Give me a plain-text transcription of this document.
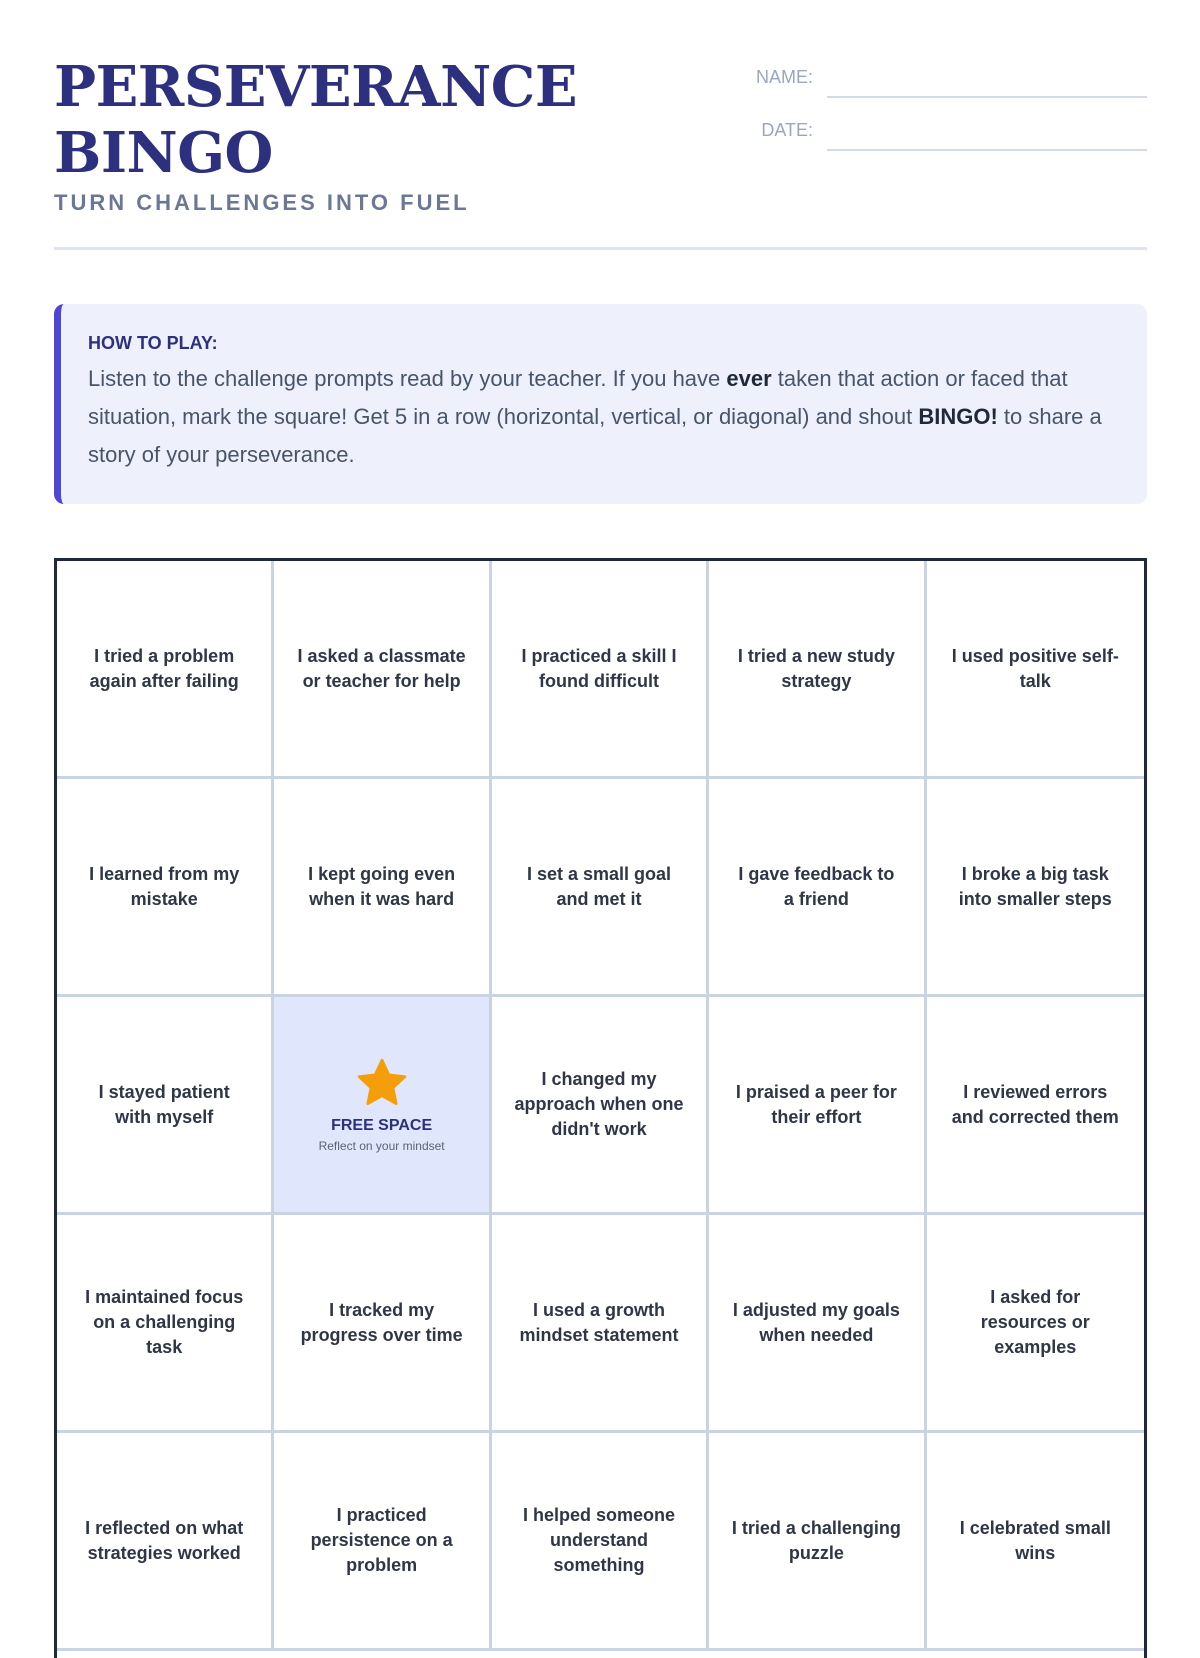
PERSEVERANCE BINGO

TURN CHALLENGES INTO FUEL

NAME:
DATE:

HOW TO PLAY:

Listen to the challenge prompts read by your teacher. If you have ever taken that action or faced that situation, mark the square! Get 5 in a row (horizontal, vertical, or diagonal) and shout BINGO! to share a story of your perseverance.

I tried a problem again after failing
I asked a classmate or teacher for help
I practiced a skill I found difficult
I tried a new study strategy
I used positive self-talk
I learned from my mistake
I kept going even when it was hard
I set a small goal and met it
I gave feedback to a friend
I broke a big task into smaller steps
I stayed patient with myself	FREE SPACE
Reflect on your mindset
I changed my approach when one didn't work
I praised a peer for their effort
I reviewed errors and corrected them
I maintained focus on a challenging task
I tracked my progress over time
I used a growth mindset statement
I adjusted my goals when needed
I asked for resources or examples
I reflected on what strategies worked
I practiced persistence on a problem
I helped someone understand something
I tried a challenging puzzle
I celebrated small wins
